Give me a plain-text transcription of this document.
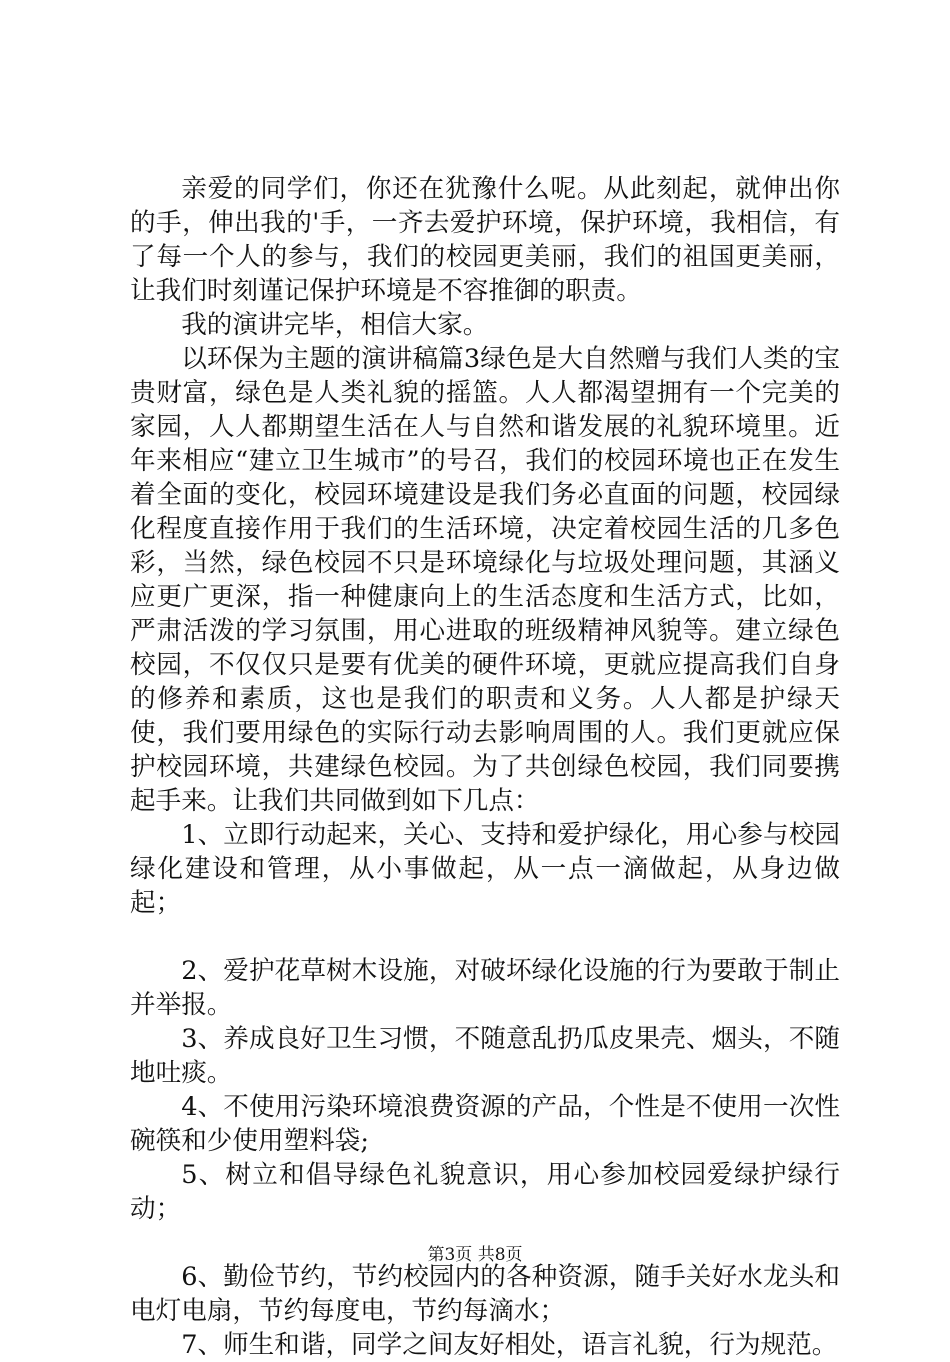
亲爱的同学们，你还在犹豫什么呢。从此刻起，就伸出你的手，伸出我的'手，一齐去爱护环境，保护环境，我相信，有了每一个人的参与，我们的校园更美丽，我们的祖国更美丽，让我们时刻谨记保护环境是不容推御的职责。

我的演讲完毕，相信大家。

以环保为主题的演讲稿篇3绿色是大自然赠与我们人类的宝贵财富，绿色是人类礼貌的摇篮。人人都渴望拥有一个完美的家园，人人都期望生活在人与自然和谐发展的礼貌环境里。近年来相应“建立卫生城市”的号召，我们的校园环境也正在发生着全面的变化，校园环境建设是我们务必直面的问题，校园绿化程度直接作用于我们的生活环境，决定着校园生活的几多色彩，当然，绿色校园不只是环境绿化与垃圾处理问题，其涵义应更广更深，指一种健康向上的生活态度和生活方式，比如，严肃活泼的学习氛围，用心进取的班级精神风貌等。建立绿色校园，不仅仅只是要有优美的硬件环境，更就应提高我们自身的修养和素质，这也是我们的职责和义务。人人都是护绿天使，我们要用绿色的实际行动去影响周围的人。我们更就应保护校园环境，共建绿色校园。为了共创绿色校园，我们同要携起手来。让我们共同做到如下几点：

1、立即行动起来，关心、支持和爱护绿化，用心参与校园绿化建设和管理，从小事做起，从一点一滴做起，从身边做起；

2、爱护花草树木设施，对破坏绿化设施的行为要敢于制止并举报。

3、养成良好卫生习惯，不随意乱扔瓜皮果壳、烟头，不随地吐痰。

4、不使用污染环境浪费资源的产品，个性是不使用一次性碗筷和少使用塑料袋;

5、树立和倡导绿色礼貌意识，用心参加校园爱绿护绿行动；

6、勤俭节约，节约校园内的各种资源，随手关好水龙头和电灯电扇，节约每度电，节约每滴水；

7、师生和谐，同学之间友好相处，语言礼貌，行为规范。

第3页 共8页
